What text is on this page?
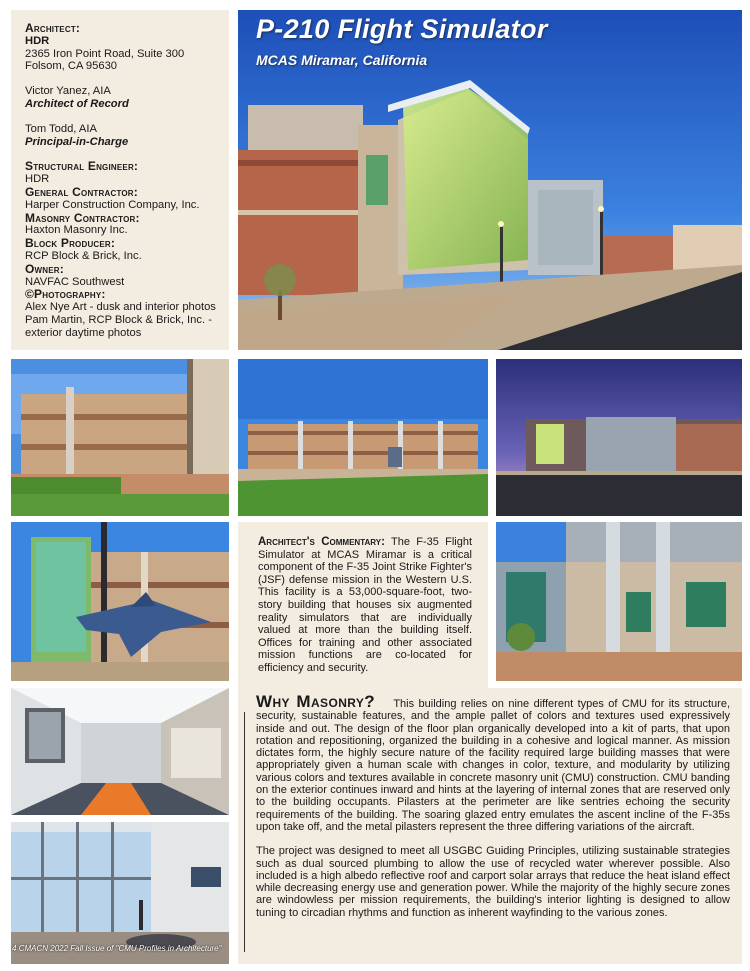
Architect:
HDR
2365 Iron Point Road, Suite 300
Folsom, CA 95630
Victor Yanez, AIA
Architect of Record
Tom Todd, AIA
Principal-in-Charge
Structural Engineer:
HDR
General Contractor:
Harper Construction Company, Inc.
Masonry Contractor:
Haxton Masonry Inc.
Block Producer:
RCP Block & Brick, Inc.
Owner:
NAVFAC Southwest
©Photography:
Alex Nye Art - dusk and interior photos
Pam Martin, RCP Block & Brick, Inc. -
exterior daytime photos
P-210 Flight Simulator
MCAS Miramar, California
Architect's Commentary: The F-35 Flight Simulator at MCAS Miramar is a critical component of the F-35 Joint Strike Fighter's (JSF) defense mission in the Western U.S. This facility is a 53,000-square-foot, two-story building that houses six augmented reality simulators that are individually valued at more than the building itself. Offices for training and other associated mission functions are co-located for efficiency and security.

Why Masonry? This building relies on nine different types of CMU for its structure, security, sustainable features, and the ample pallet of colors and textures used expressively inside and out. The design of the floor plan organically developed into a kit of parts, that upon rotation and repositioning, organized the building in a cohesive and logical manner. As mission dictates form, the highly secure nature of the facility required large building masses that were appropriately given a human scale with changes in color, texture, and modularity by utilizing various colors and textures available in concrete masonry unit (CMU) construction. CMU banding on the exterior continues inward and hints at the layering of internal zones that are reserved only to the building occupants. Pilasters at the perimeter are like sentries echoing the security requirements of the building. The soaring glazed entry emulates the ascent incline of the F-35s upon take off, and the metal pilasters represent the three differing variations of the aircraft.

The project was designed to meet all USGBC Guiding Principles, utilizing sustainable strategies such as dual sourced plumbing to allow the use of recycled water wherever possible. Also included is a high albedo reflective roof and carport solar arrays that reduce the heat island effect while decreasing energy use and generation power. While the majority of the highly secure zones are windowless per mission requirements, the building's interior lighting is designed to allow tuning to circadian rhythms and function as inherent wayfinding to the various zones.

4 CMACN 2022 Fall Issue of "CMU Profiles in Architecture"
